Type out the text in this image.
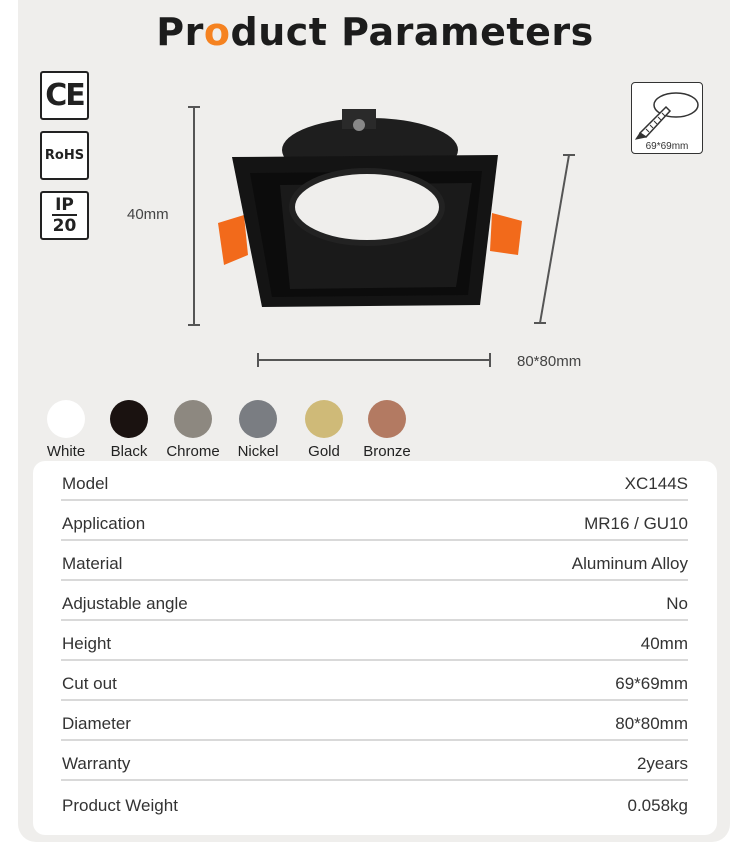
Product Parameters
CE
RoHS
IP
20
69*69mm
40mm
80*80mm
White	Black	Chrome	Nickel	Gold	Bronze
Model	XC144S
Application	MR16 / GU10
Material	Aluminum Alloy
Adjustable angle	No
Height	40mm
Cut out	69*69mm
Diameter	80*80mm
Warranty	2years
Product Weight	0.058kg
